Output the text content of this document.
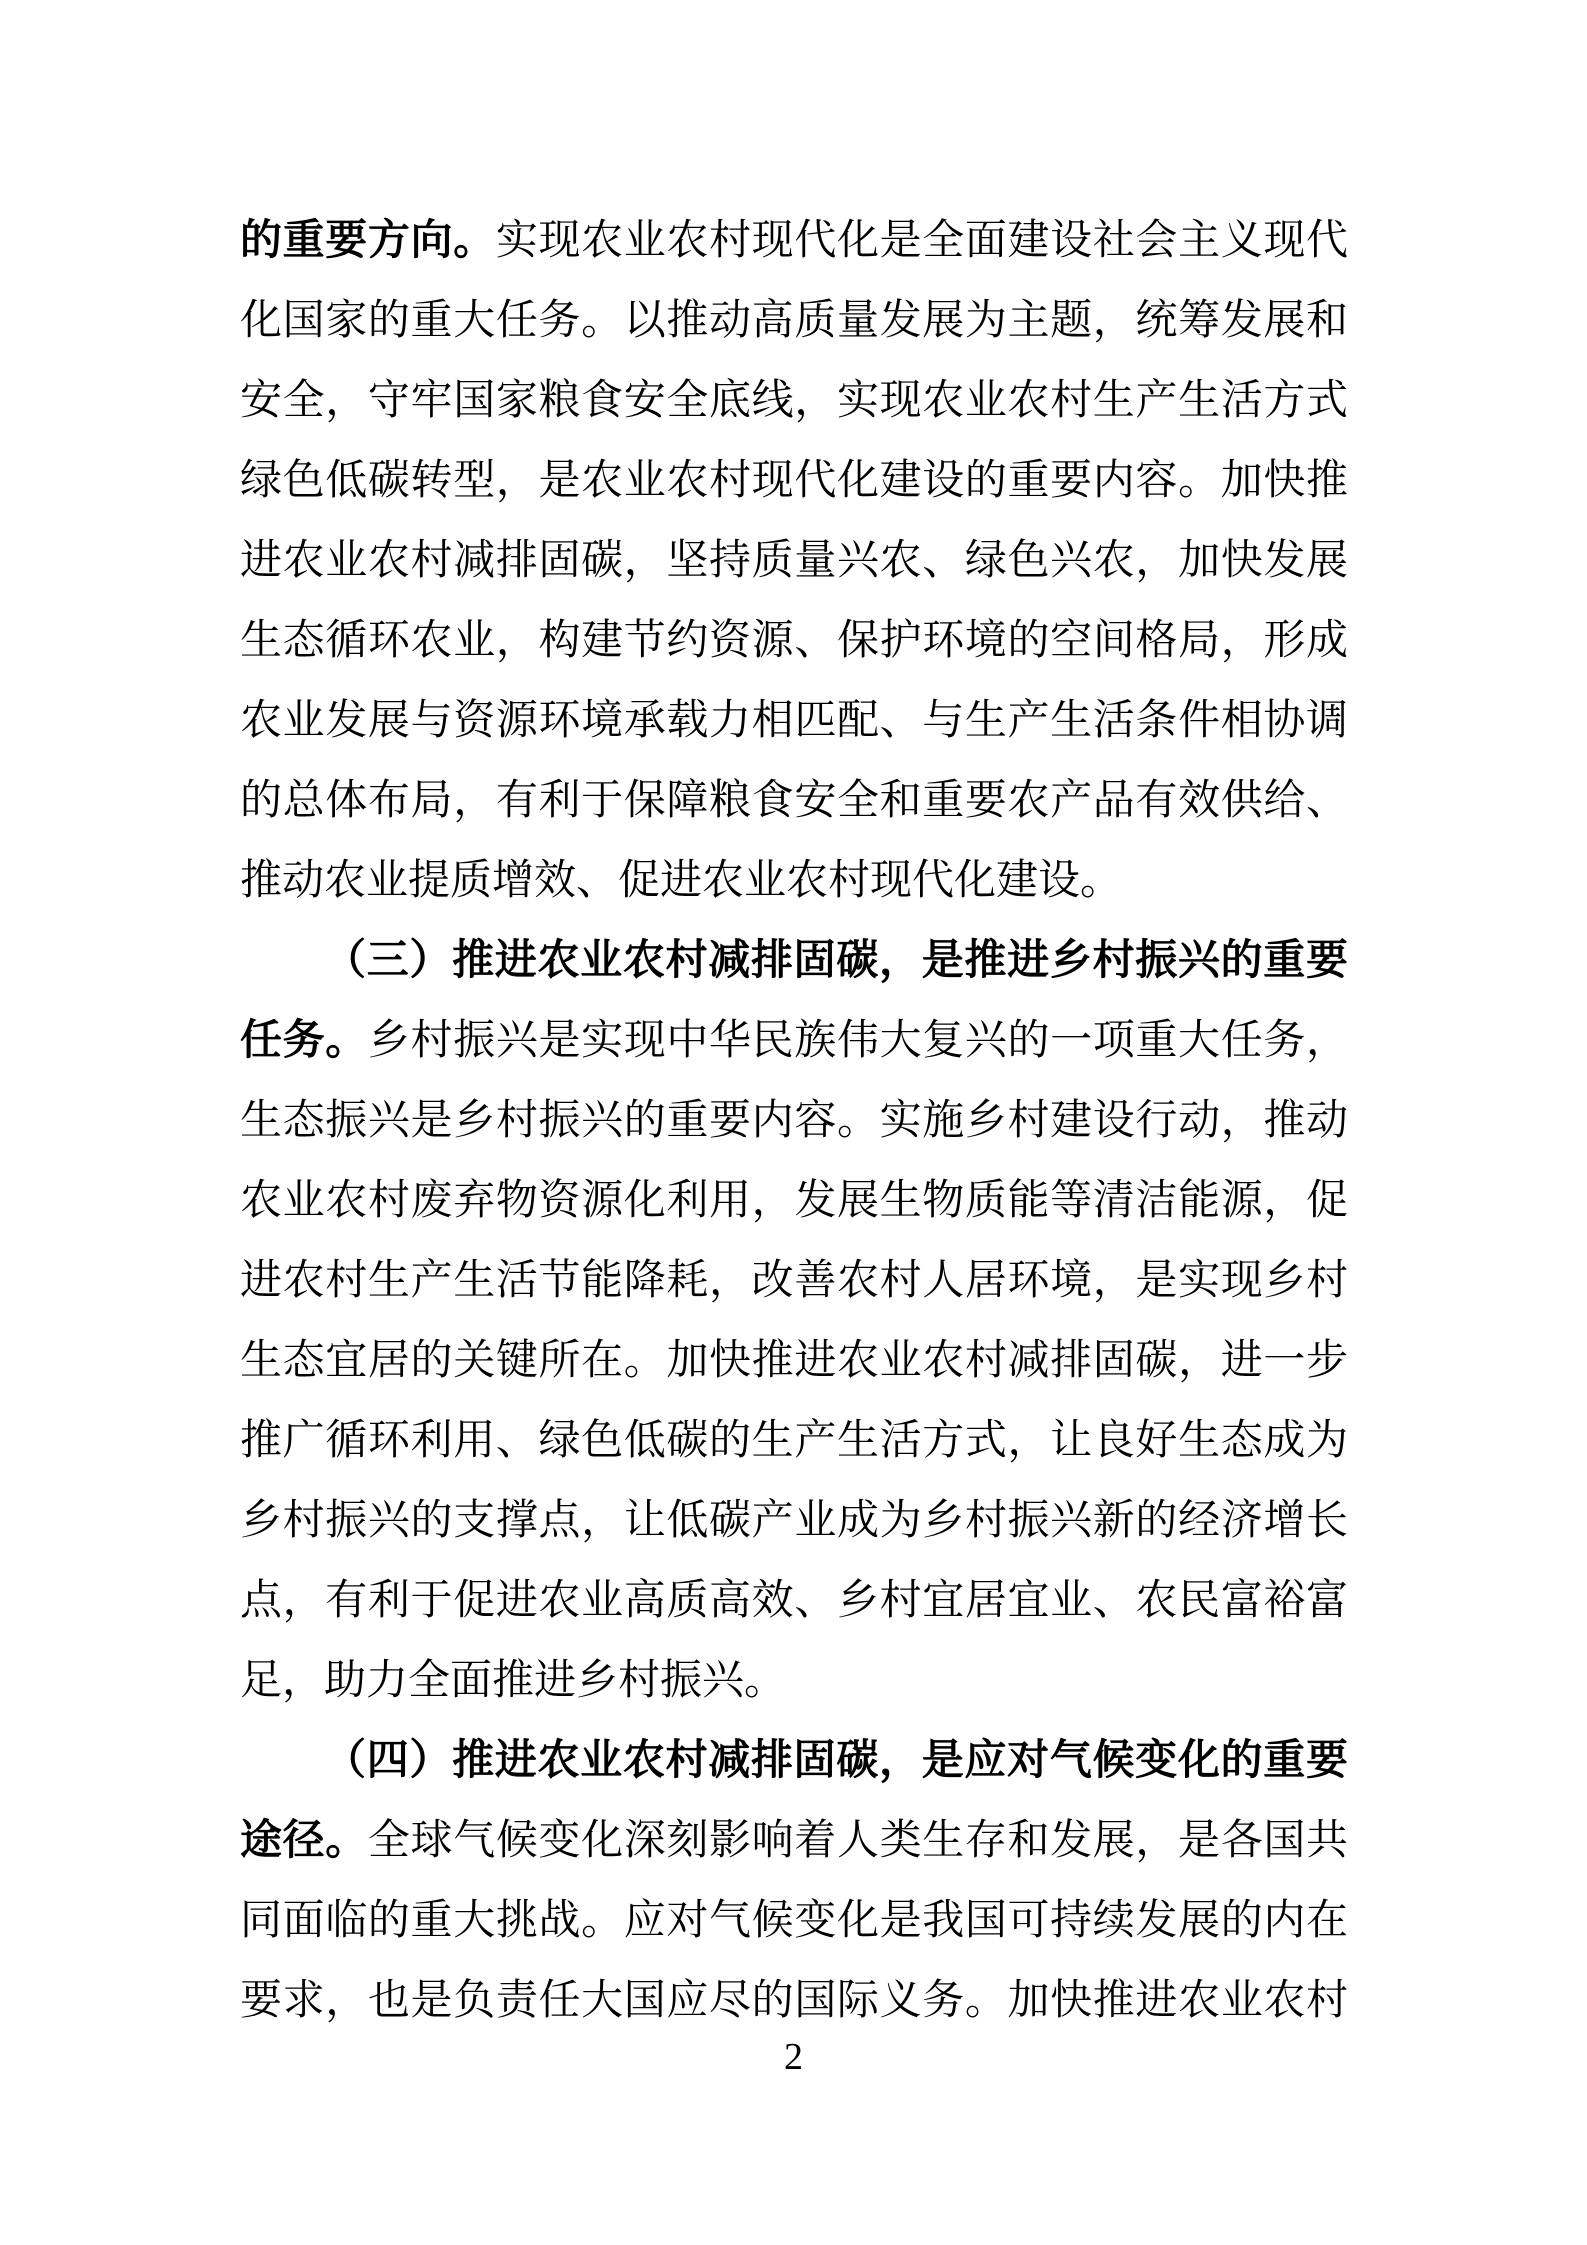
的重要方向。实现农业农村现代化是全面建设社会主义现代
化国家的重大任务。以推动高质量发展为主题，统筹发展和
安全，守牢国家粮食安全底线，实现农业农村生产生活方式
绿色低碳转型，是农业农村现代化建设的重要内容。加快推
进农业农村减排固碳，坚持质量兴农、绿色兴农，加快发展
生态循环农业，构建节约资源、保护环境的空间格局，形成
农业发展与资源环境承载力相匹配、与生产生活条件相协调
的总体布局，有利于保障粮食安全和重要农产品有效供给、
推动农业提质增效、促进农业农村现代化建设。
（三）推进农业农村减排固碳，是推进乡村振兴的重要
任务。乡村振兴是实现中华民族伟大复兴的一项重大任务，
生态振兴是乡村振兴的重要内容。实施乡村建设行动，推动
农业农村废弃物资源化利用，发展生物质能等清洁能源，促
进农村生产生活节能降耗，改善农村人居环境，是实现乡村
生态宜居的关键所在。加快推进农业农村减排固碳，进一步
推广循环利用、绿色低碳的生产生活方式，让良好生态成为
乡村振兴的支撑点，让低碳产业成为乡村振兴新的经济增长
点，有利于促进农业高质高效、乡村宜居宜业、农民富裕富
足，助力全面推进乡村振兴。
（四）推进农业农村减排固碳，是应对气候变化的重要
途径。全球气候变化深刻影响着人类生存和发展，是各国共
同面临的重大挑战。应对气候变化是我国可持续发展的内在
要求，也是负责任大国应尽的国际义务。加快推进农业农村
2
